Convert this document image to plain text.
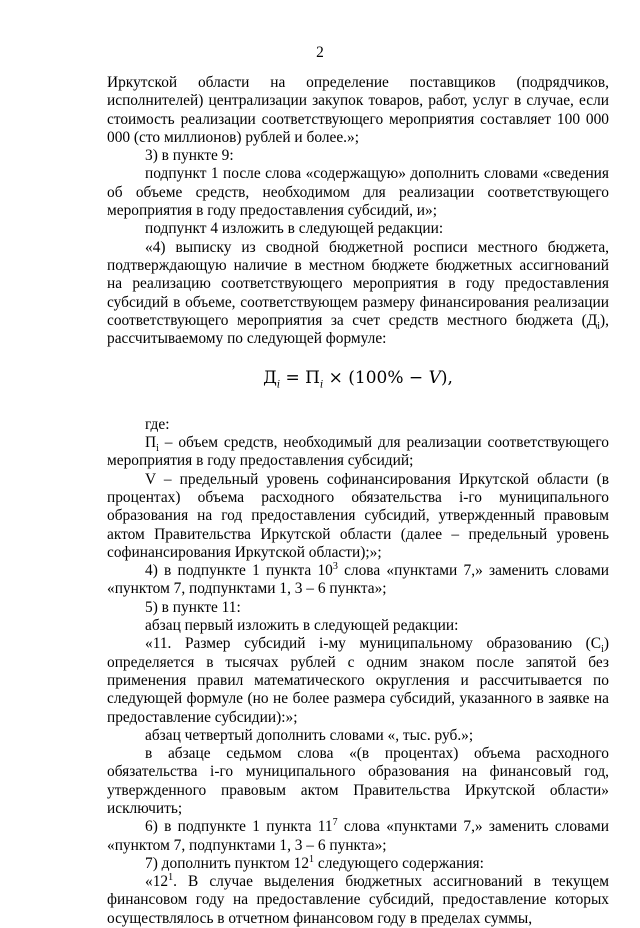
2

Иркутской области на определение поставщиков (подрядчиков, исполнителей) централизации закупок товаров, работ, услуг в случае, если стоимость реализации соответствующего мероприятия составляет 100 000 000 (сто миллионов) рублей и более.»;

3) в пункте 9:

подпункт 1 после слова «содержащую» дополнить словами «сведения об объеме средств, необходимом для реализации соответствующего мероприятия в году предоставления субсидий, и»;

подпункт 4 изложить в следующей редакции:

«4) выписку из сводной бюджетной росписи местного бюджета, подтверждающую наличие в местном бюджете бюджетных ассигнований на реализацию соответствующего мероприятия в году предоставления субсидий в объеме, соответствующем размеру финансирования реализации соответствующего мероприятия за счет средств местного бюджета $(Д_i)$, рассчитываемому по следующей формуле:

$Д_i = П_i \times (100\% - V)$,

где:

$П_i$ – объем средств, необходимый для реализации соответствующего мероприятия в году предоставления субсидий;

V – предельный уровень софинансирования Иркутской области (в процентах) объема расходного обязательства i-го муниципального образования на год предоставления субсидий, утвержденный правовым актом Правительства Иркутской области (далее – предельный уровень софинансирования Иркутской области);»;

4) в подпункте 1 пункта $10^3$ слова «пунктами 7,» заменить словами «пунктом 7, подпунктами 1, 3 – 6 пункта»;

5) в пункте 11:

абзац первый изложить в следующей редакции:

«11. Размер субсидий i-му муниципальному образованию $(С_i)$ определяется в тысячах рублей с одним знаком после запятой без применения правил математического округления и рассчитывается по следующей формуле (но не более размера субсидий, указанного в заявке на предоставление субсидии):»;

абзац четвертый дополнить словами «, тыс. руб.»;

в абзаце седьмом слова «(в процентах) объема расходного обязательства i-го муниципального образования на финансовый год, утвержденного правовым актом Правительства Иркутской области» исключить;

6) в подпункте 1 пункта $11^7$ слова «пунктами 7,» заменить словами «пунктом 7, подпунктами 1, 3 – 6 пункта»;

7) дополнить пунктом $12^1$ следующего содержания:

«$12^1$. В случае выделения бюджетных ассигнований в текущем финансовом году на предоставление субсидий, предоставление которых осуществлялось в отчетном финансовом году в пределах суммы,
